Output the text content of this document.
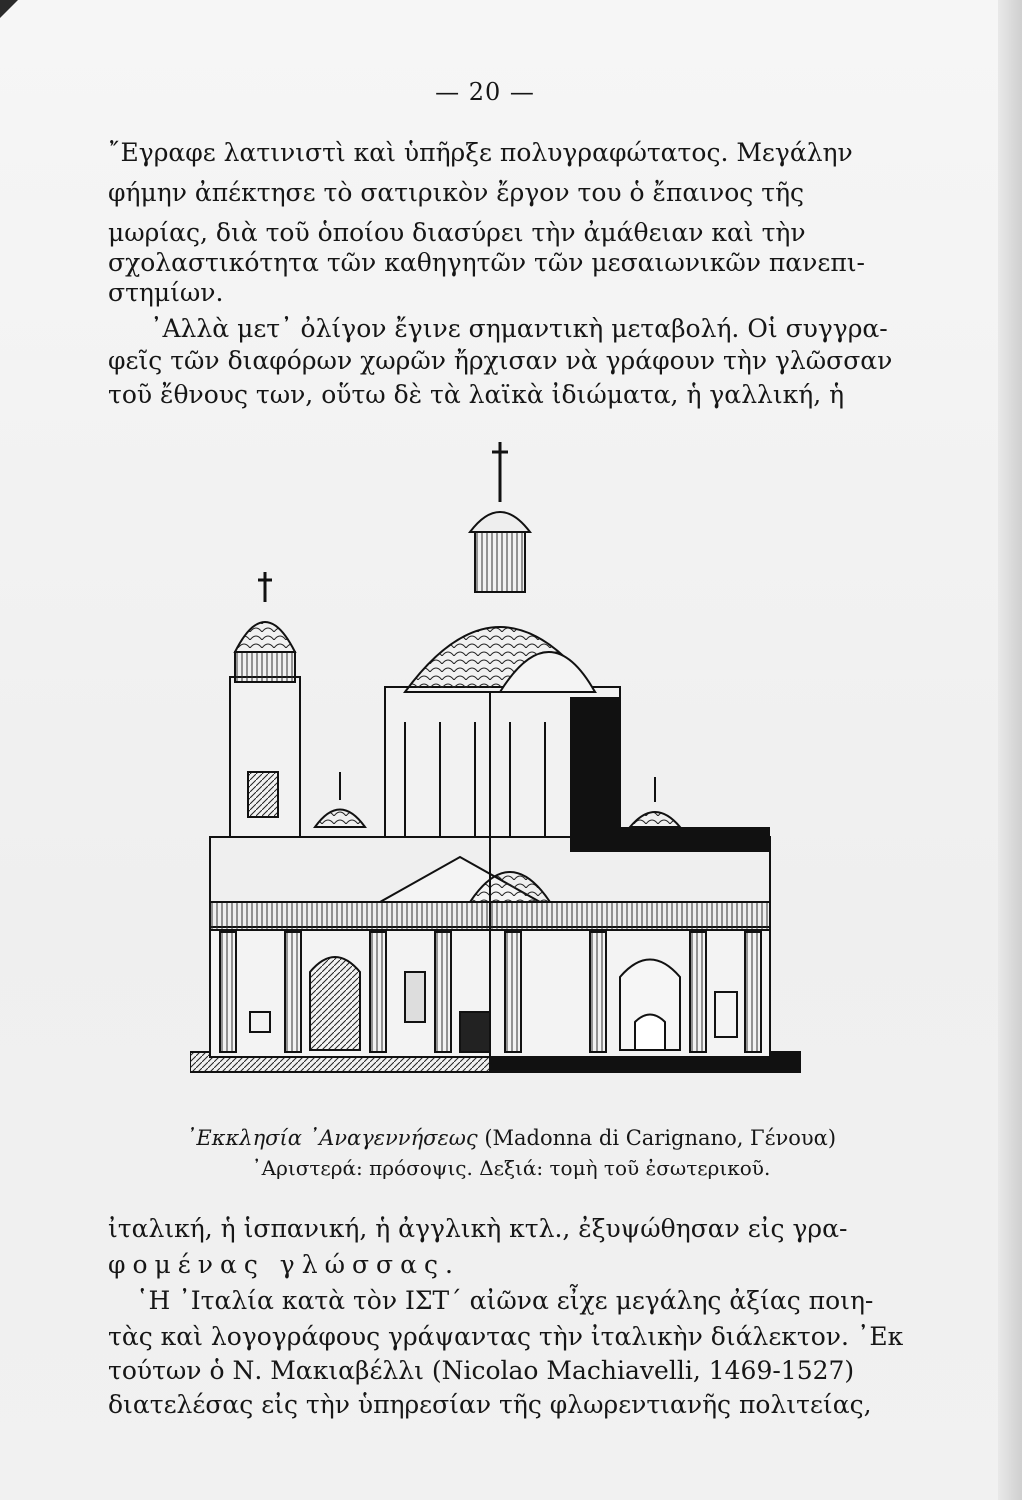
— 20 —
῎Εγραφε λατινιστὶ καὶ ὑπῆρξε πολυγραφώτατος. Μεγάλην
φήμην ἀπέκτησε τὸ σατιρικὸν ἔργον του ὁ ἔπαινος τῆς
μωρίας, διὰ τοῦ ὁποίου διασύρει τὴν ἀμάθειαν καὶ τὴν
σχολαστικότητα τῶν καθηγητῶν τῶν μεσαιωνικῶν πανεπι-
στημίων.
᾿Αλλὰ μετ᾽ ὀλίγον ἔγινε σημαντικὴ μεταβολή. Οἱ συγγρα-
φεῖς τῶν διαφόρων χωρῶν ἤρχισαν νὰ γράφουν τὴν γλῶσσαν
τοῦ ἔθνους των, οὕτω δὲ τὰ λαϊκὰ ἰδιώματα, ἡ γαλλική, ἡ
᾿Εκκλησία ᾿Αναγεννήσεως (Madonna di Carignano, Γένουα)
᾿Αριστερά: πρόσοψις. Δεξιά: τομὴ τοῦ ἐσωτερικοῦ.
ἰταλική, ἡ ἱσπανική, ἡ ἀγγλικὴ κτλ., ἐξυψώθησαν εἰς γρα-
φομένας γλώσσας.
῾Η ᾿Ιταλία κατὰ τὸν ΙΣΤ΄ αἰῶνα εἶχε μεγάλης ἀξίας ποιη-
τὰς καὶ λογογράφους γράψαντας τὴν ἰταλικὴν διάλεκτον. ᾿Εκ
τούτων ὁ Ν. Μακιαβέλλι (Nicolao Machiavelli, 1469-1527)
διατελέσας εἰς τὴν ὑπηρεσίαν τῆς φλωρεντιανῆς πολιτείας,
